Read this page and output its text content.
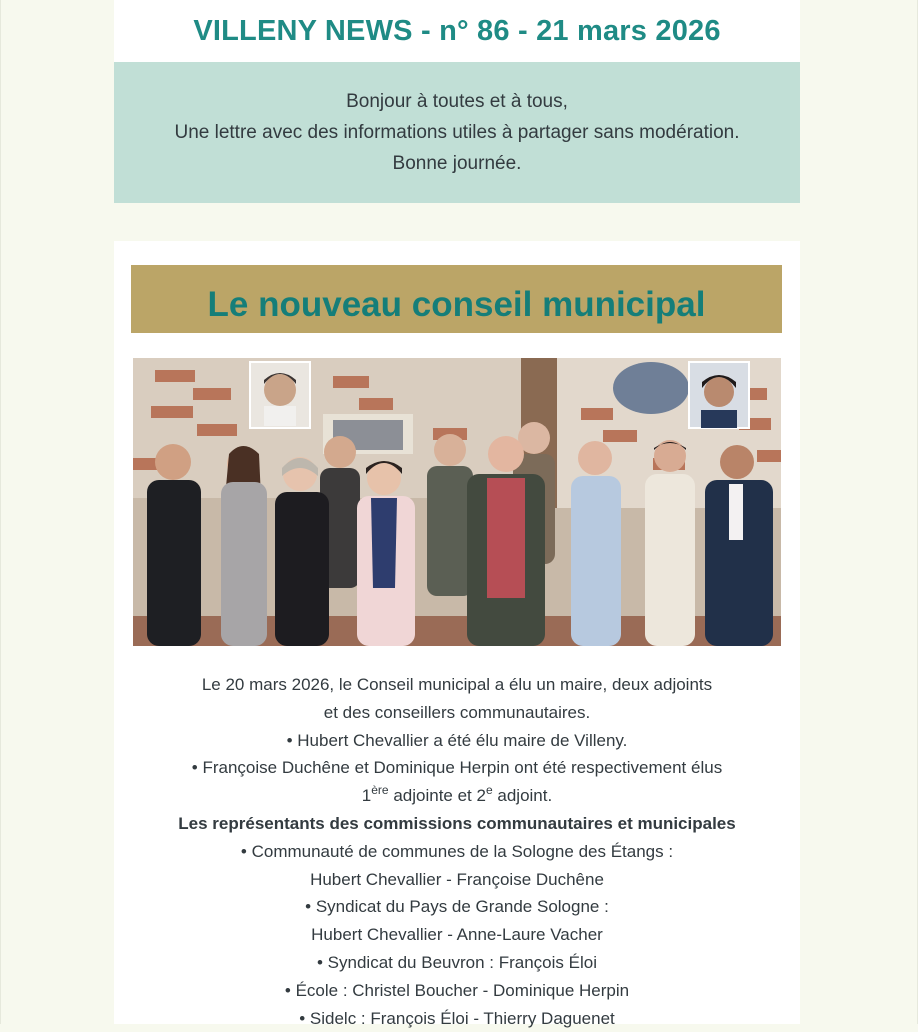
VILLENY NEWS - n° 86 - 21 mars 2026

Bonjour à toutes et à tous,

Une lettre avec des informations utiles à partager sans modération.

Bonne journée.

Le nouveau conseil municipal

Le 20 mars 2026, le Conseil municipal a élu un maire, deux adjoints

et des conseillers communautaires.

• Hubert Chevallier a été élu maire de Villeny.

• Françoise Duchêne et Dominique Herpin ont été respectivement élus

1ère adjointe et 2e adjoint.

Les représentants des commissions communautaires et municipales

• Communauté de communes de la Sologne des Étangs :

Hubert Chevallier - Françoise Duchêne

• Syndicat du Pays de Grande Sologne :

Hubert Chevallier - Anne-Laure Vacher

• Syndicat du Beuvron : François Éloi

• École : Christel Boucher - Dominique Herpin

• Sidelc : François Éloi - Thierry Daguenet
